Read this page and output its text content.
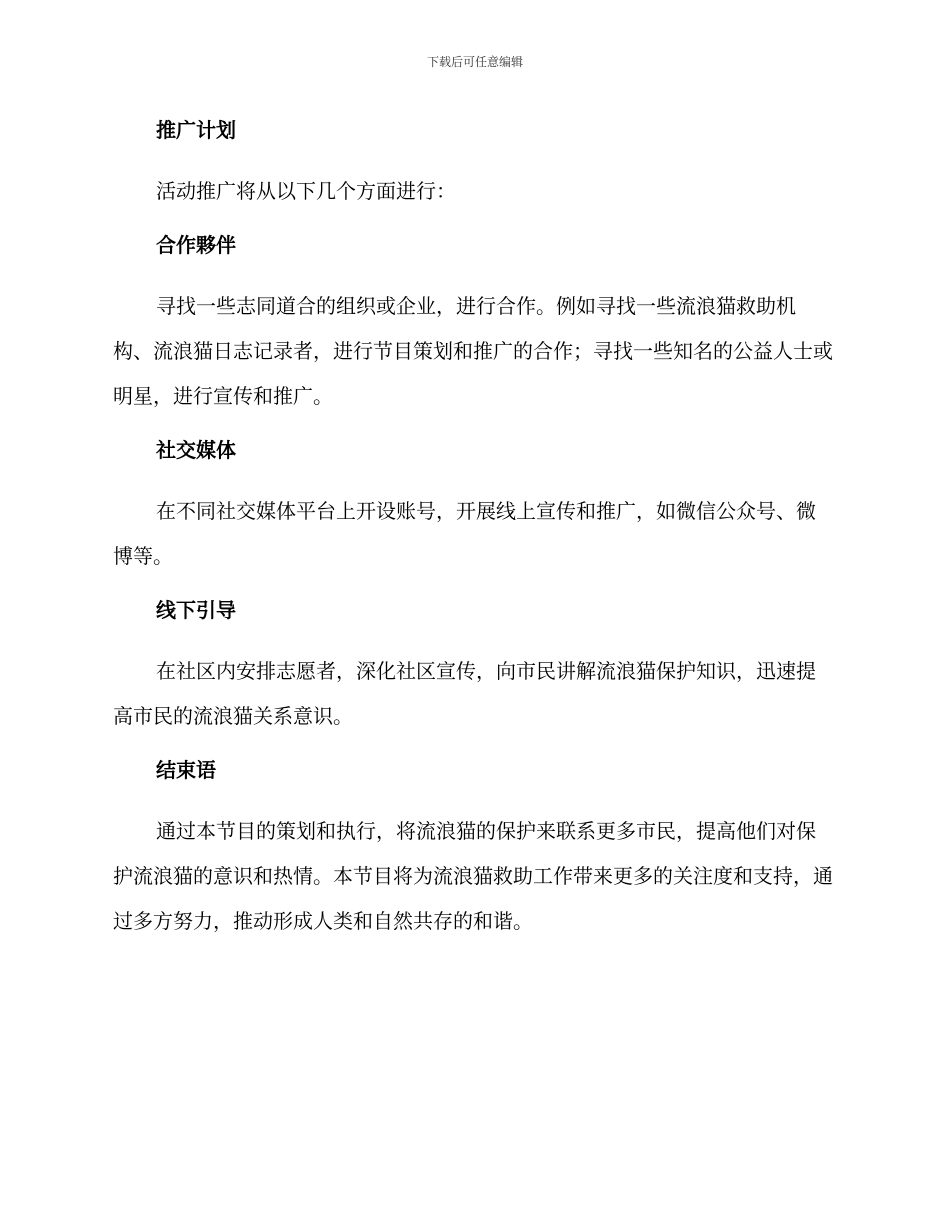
下载后可任意编辑
推广计划
活动推广将从以下几个方面进行：
合作夥伴
寻找一些志同道合的组织或企业，进行合作。例如寻找一些流浪猫救助机构、流浪猫日志记录者，进行节目策划和推广的合作；寻找一些知名的公益人士或明星，进行宣传和推广。
社交媒体
在不同社交媒体平台上开设账号，开展线上宣传和推广，如微信公众号、微博等。
线下引导
在社区内安排志愿者，深化社区宣传，向市民讲解流浪猫保护知识，迅速提高市民的流浪猫关系意识。
结束语
通过本节目的策划和执行，将流浪猫的保护来联系更多市民，提高他们对保护流浪猫的意识和热情。本节目将为流浪猫救助工作带来更多的关注度和支持，通过多方努力，推动形成人类和自然共存的和谐。
